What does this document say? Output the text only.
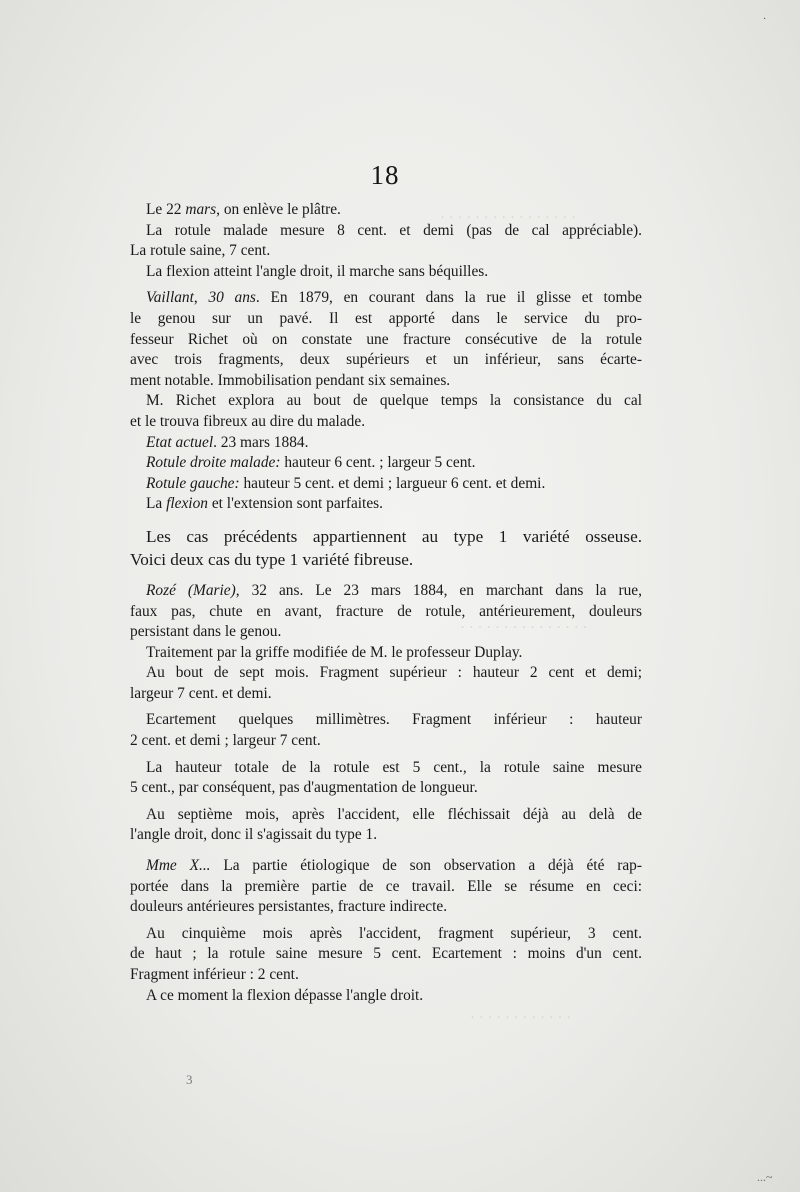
· · · · · · · · · · · · · · · ·
· · · · · · · · · · · · · · ·
· · · · · · · · · · · ·
·
18
Le 22 mars, on enlève le plâtre.
La rotule malade mesure 8 cent. et demi (pas de cal appréciable).
La rotule saine, 7 cent.
La flexion atteint l'angle droit, il marche sans béquilles.
Vaillant, 30 ans. En 1879, en courant dans la rue il glisse et tombe
le genou sur un pavé. Il est apporté dans le service du pro-
fesseur Richet où on constate une fracture consécutive de la rotule
avec trois fragments, deux supérieurs et un inférieur, sans écarte-
ment notable. Immobilisation pendant six semaines.
M. Richet explora au bout de quelque temps la consistance du cal
et le trouva fibreux au dire du malade.
Etat actuel. 23 mars 1884.
Rotule droite malade: hauteur 6 cent. ; largeur 5 cent.
Rotule gauche: hauteur 5 cent. et demi ; largueur 6 cent. et demi.
La flexion et l'extension sont parfaites.
Les cas précédents appartiennent au type 1 variété osseuse.
Voici deux cas du type 1 variété fibreuse.
Rozé (Marie), 32 ans. Le 23 mars 1884, en marchant dans la rue,
faux pas, chute en avant, fracture de rotule, antérieurement, douleurs
persistant dans le genou.
Traitement par la griffe modifiée de M. le professeur Duplay.
Au bout de sept mois. Fragment supérieur : hauteur 2 cent et demi;
largeur 7 cent. et demi.
Ecartement quelques millimètres. Fragment inférieur : hauteur
2 cent. et demi ; largeur 7 cent.
La hauteur totale de la rotule est 5 cent., la rotule saine mesure
5 cent., par conséquent, pas d'augmentation de longueur.
Au septième mois, après l'accident, elle fléchissait déjà au delà de
l'angle droit, donc il s'agissait du type 1.
Mme X... La partie étiologique de son observation a déjà été rap-
portée dans la première partie de ce travail. Elle se résume en ceci:
douleurs antérieures persistantes, fracture indirecte.
Au cinquième mois après l'accident, fragment supérieur, 3 cent.
de haut ; la rotule saine mesure 5 cent. Ecartement : moins d'un cent.
Fragment inférieur : 2 cent.
A ce moment la flexion dépasse l'angle droit.
3
...~
